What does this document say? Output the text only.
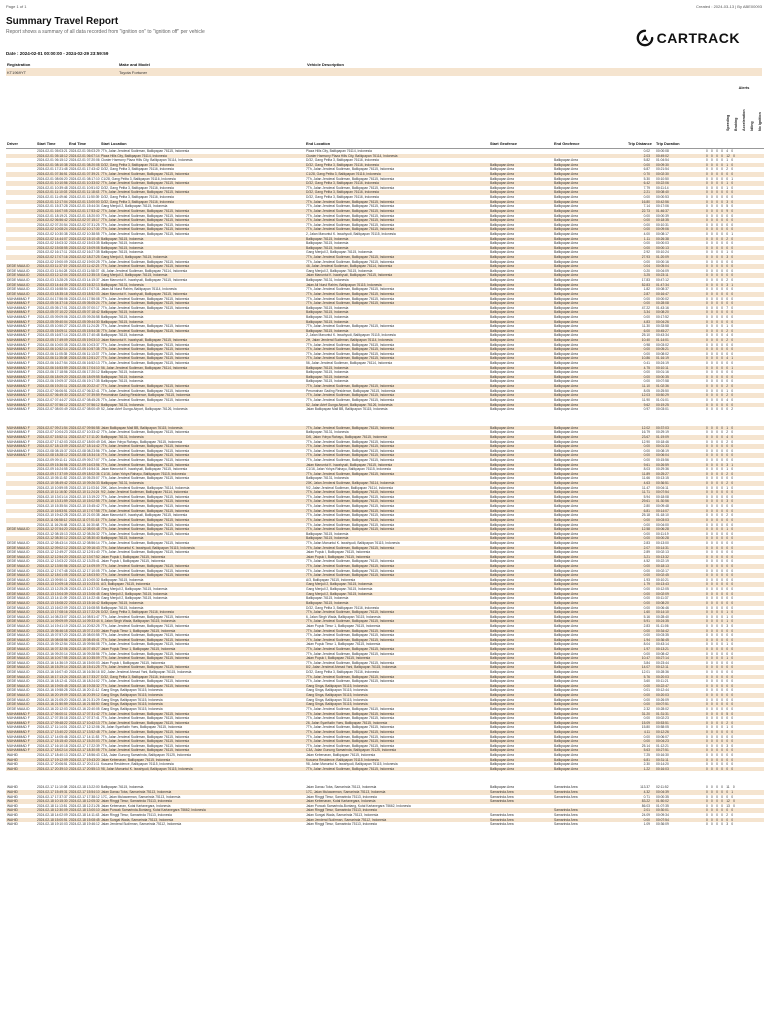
Page 1 of 1	Created : 2024-03-13 | By ABE00093
Summary Travel Report
Report shows a summary of all data recorded from "ignition on" to "ignition off" per vehicle	CARTRACK
Date : 2024-02-01 00:00:00 - 2024-02-29 23:59:59
Registration	Make and Model	Vehicle Description
KT1969YT	Toyota Fortuner
Alerts
Speeding Braking Acceleration Idling No Ignition
Driver	Start Time	End Time	Start Location	End Location	Start Geofence	End Geofence	Trip Distance Trip Duration
2024-02-01 05:03:21 2024-02-01 05:03:29 7Th, Jalan Jenderal Sudirman, Balikpapan 76115, Indonesia	Plaza Hills City, Balikpapan 76114, Indonesia	0.02 00:00:08	0 0 0 0 4 0
2024-02-01 05:18:12 2024-02-01 06:07:14 Plaza Hills City, Balikpapan 76114, Indonesia	Cluster Harmony Plaza Hills City, Balikpapan 76114, Indonesia	2.03 00:49:02	0 0 0 0 12 0
2024-02-01 06:15:12 2024-02-01 07:20:06 Cluster Harmony Plaza Hills City, Balikpapan 76114, Indonesia	D/32, Gang Pelita 3, Balikpapan 76116, Indonesia	Balikpapan Area	5.82 01:04:54	0 0 0 0 1 0
2024-02-01 08:10:38 2024-02-01 08:20:08 D/32, Gang Pelita 3, Balikpapan 76116, Indonesia	D/32, Gang Pelita 3, Balikpapan 76116, Indonesia	Balikpapan Area	Balikpapan Area	0.00 00:09:30	0 0 0 0 1 0
2024-02-01 17:21:48 2024-02-01 17:43:42 D/32, Gang Pelita 3, Balikpapan 76116, Indonesia	7Th, Jalan Jenderal Sudirman, Balikpapan 76115, Indonesia	Balikpapan Area	Balikpapan Area	6.87 00:21:54	0 0 0 0 2 0
2024-02-01 07:36:51 2024-02-01 07:39:21 7Th, Jalan Jenderal Sudirman, Balikpapan 76115, Indonesia	C1/28, Gang Pelita 3, Balikpapan 76116, Indonesia	Balikpapan Area	Balikpapan Area	0.70 00:02:30	0 0 0 0 0 0
2024-02-01 08:06:20 2024-02-01 08:17:10 C1/28, Gang Pelita 3, Balikpapan 76116, Indonesia	7Th, Jalan Jenderal Sudirman, Balikpapan 76115, Indonesia	Balikpapan Area	Balikpapan Area	5.30 00:10:50	0 0 0 0 0 1
2024-02-01 10:10:56 2024-02-01 10:33:02 7Th, Jalan Jenderal Sudirman, Balikpapan 76115, Indonesia	D/32, Gang Pelita 3, Balikpapan 76116, Indonesia	Balikpapan Area	Balikpapan Area	6.42 00:22:06	0 0 0 0 1 0
2024-02-01 10:39:48 2024-02-01 10:51:02 D/32, Gang Pelita 3, Balikpapan 76116, Indonesia	7Th, Jalan Jenderal Sudirman, Balikpapan 76115, Indonesia	Balikpapan Area	Balikpapan Area	7.79 00:11:14	0 0 0 0 1 0
2024-02-01 11:10:03 2024-02-01 11:18:43 7Th, Jalan Jenderal Sudirman, Balikpapan 76115, Indonesia	D/32, Gang Pelita 3, Balikpapan 76116, Indonesia	Balikpapan Area	Balikpapan Area	2.21 00:08:40	0 0 0 0 0 0
2024-02-01 11:49:46 2024-02-01 11:50:39 D/32, Gang Pelita 3, Balikpapan 76116, Indonesia	D/32, Gang Pelita 3, Balikpapan 76116, Indonesia	Balikpapan Area	Balikpapan Area	0.00 00:00:53	0 0 0 0 0 0
2024-02-01 12:17:04 2024-02-01 13:00:00 D/32, Gang Pelita 3, Balikpapan 76116, Indonesia	7Th, Jalan Jenderal Sudirman, Balikpapan 76115, Indonesia	Balikpapan Area	Balikpapan Area	16.80 00:42:56	0 0 0 0 3 0
2024-02-01 15:37:28 2024-02-01 15:44:34 Gang Menjuli 2, Balikpapan 76115, Indonesia	7Th, Jalan Jenderal Sudirman, Balikpapan 76115, Indonesia	Balikpapan Area	Balikpapan Area	7.14 00:17:06	0 0 0 0 5 0
2024-02-01 16:07:05 2024-02-01 17:53:42 7Th, Jalan Jenderal Sudirman, Balikpapan 76115, Indonesia	7Th, Jalan Jenderal Sudirman, Balikpapan 76115, Indonesia	Balikpapan Area	Balikpapan Area	22.73 01:46:37	0 0 0 0 9 0
2024-02-01 18:19:21 2024-02-01 18:20:00 7Th, Jalan Jenderal Sudirman, Balikpapan 76115, Indonesia	7Th, Jalan Jenderal Sudirman, Balikpapan 76115, Indonesia	Balikpapan Area	Balikpapan Area	0.00 00:00:39	0 0 0 0 0 0
2024-02-02 06:56:42 2024-02-02 07:15:17 7Th, Jalan Jenderal Sudirman, Balikpapan 76115, Indonesia	7Th, Jalan Jenderal Sudirman, Balikpapan 76115, Indonesia	Balikpapan Area	Balikpapan Area	0.00 00:18:35	0 0 0 0 0 0
2024-02-02 07:20:54 2024-02-02 07:31:25 7Th, Jalan Jenderal Sudirman, Balikpapan 76115, Indonesia	7Th, Jalan Jenderal Sudirman, Balikpapan 76115, Indonesia	Balikpapan Area	Balikpapan Area	0.00 00:10:31	0 0 0 0 0 0
2024-02-02 10:08:24 2024-02-02 10:17:30 7Th, Jalan Jenderal Sudirman, Balikpapan 76115, Indonesia	7Th, Jalan Jenderal Sudirman, Balikpapan 76115, Indonesia	Balikpapan Area	Balikpapan Area	0.00 00:09:06	0 0 0 0 0 0
2024-02-02 10:30:38 2024-02-02 10:38:55 7Th, Jalan Jenderal Sudirman, Balikpapan 76115, Indonesia	2, Jalan Manuntul K. Iswahyudi, Balikpapan 76115, Indonesia	Balikpapan Area	Balikpapan Area	4.00 00:08:17	0 0 0 0 0 1
2024-02-02 14:44:07 2024-02-02 15:10:45 Balikpapan 76115, Indonesia	Balikpapan 76115, Indonesia	Balikpapan Area	Balikpapan Area	1.11 00:26:38	0 0 0 0 2 0
2024-02-02 15:03:32 2024-02-02 15:03:35 Balikpapan 76115, Indonesia	Balikpapan 76115, Indonesia	Balikpapan Area	Balikpapan Area	0.00 00:00:03	0 0 0 0 0 0
2024-02-02 15:08:55 2024-02-02 15:09:08 Balikpapan 76115, Indonesia	Balikpapan 76115, Indonesia	Balikpapan Area	Balikpapan Area	0.00 00:00:13	0 0 0 0 0 0
2024-02-02 16:17:11 2024-02-02 16:27:35 Balikpapan 76115, Indonesia	Gang Menjuli 2, Balikpapan 76115, Indonesia	Balikpapan Area	Balikpapan Area	2.92 00:10:24	0 0 0 0 1 0
2024-02-02 17:07:16 2024-02-02 18:27:25 Gang Menjuli 2, Balikpapan 76115, Indonesia	7Th, Jalan Jenderal Sudirman, Balikpapan 76115, Indonesia	Balikpapan Area	Balikpapan Area	27.93 01:20:09	0 0 0 0 3 0
2024-02-02 19:00:09 2024-02-02 19:00:25 7Th, Jalan Jenderal Sudirman, Balikpapan 76115, Indonesia	7Th, Jalan Jenderal Sudirman, Balikpapan 76115, Indonesia	Balikpapan Area	Balikpapan Area	0.00 00:00:16	0 0 0 0 0 0
DEDE MAULID	2024-02-03 11:37:19 2024-02-03 11:42:23 7Th, Jalan Jenderal Sudirman, Balikpapan 76115, Indonesia	46, Jalan Jenderal Sudirman, Balikpapan 76114, Indonesia	Balikpapan Area	Balikpapan Area	0.04 00:05:04	0 0 0 0 0 0
DEDE MAULID	2024-02-03 11:54:28 2024-02-03 11:58:37 46, Jalan Jenderal Sudirman, Balikpapan 76114, Indonesia	Gang Menjuli 2, Balikpapan 76115, Indonesia	Balikpapan Area	Balikpapan Area	0.20 00:04:09	0 0 0 0 0 0
DEDE MAULID	2024-02-03 12:12:04 2024-02-03 12:35:15 Gang Menjuli 2, Balikpapan 76115, Indonesia	Jalan Manuntul K. Iswahyudi, Balikpapan 76115, Indonesia	Balikpapan Area	Balikpapan Area	3.25 00:23:11	0 0 0 0 0 0
DEDE MAULID	2024-02-03 13:28:25 2024-02-03 14:15:37 Jalan Manuntul K. Iswahyudi, Balikpapan 76115, Indonesia	Balikpapan 76131, Indonesia	Balikpapan Area	Balikpapan Area	17.83 00:47:12	0 0 0 0 2 0
DEDE MAULID	2024-02-03 14:44:39 2024-02-03 16:32:13 Balikpapan 76131, Indonesia	Jalan Ali Nurul Rahim, Balikpapan 76115, Indonesia	Balikpapan Area	Balikpapan Area	52.83 01:47:34	0 0 0 0 3 1
DEDE MAULID	2024-02-03 16:58:54 2024-02-03 17:07:31 Jalan Ali Nurul Rahim, Balikpapan 76114, Indonesia	7Th, Jalan Jenderal Sudirman, Balikpapan 76115, Indonesia	Balikpapan Area	Balikpapan Area	1.82 00:08:37	0 0 0 0 0 0
DEDE MAULID	2024-02-03 18:35:18 2024-02-03 18:52:03 Jalan Manuntul K. Iswahyudi, Balikpapan 76115, Indonesia	7Th, Jalan Jenderal Sudirman, Balikpapan 76115, Indonesia	Balikpapan Area	Balikpapan Area	2.87 00:16:47	0 0 0 0 0 0
MUHAMMAD F	2024-02-04 17:56:06 2024-02-04 17:56:08 7Th, Jalan Jenderal Sudirman, Balikpapan 76115, Indonesia	7Th, Jalan Jenderal Sudirman, Balikpapan 76115, Indonesia	Balikpapan Area	Balikpapan Area	0.00 00:00:02	0 0 0 0 0 0
MUHAMMAD F	2024-02-05 04:37:16 2024-02-05 05:05:24 7Th, Jalan Jenderal Sudirman, Balikpapan 76115, Indonesia	7Th, Jalan Jenderal Sudirman, Balikpapan 76115, Indonesia	Balikpapan Area	Balikpapan Area	0.00 00:28:08	0 0 0 0 0 0
MUHAMMAD F	2024-02-05 05:17:01 2024-02-05 07:00:17 7Th, Jalan Jenderal Sudirman, Balikpapan 76115, Indonesia	Balikpapan 76115, Indonesia	Balikpapan Area	Balikpapan Area	47.22 01:43:16	0 0 0 0 7 0
MUHAMMAD F	2024-02-05 07:10:22 2024-02-05 07:18:42 Balikpapan 76115, Indonesia	Balikpapan 76115, Indonesia	Balikpapan Area	Balikpapan Area	3.34 00:08:20	0 0 0 0 0 0
MUHAMMAD F	2024-02-05 09:09:06 2024-02-05 09:26:58 Balikpapan 76115, Indonesia	Balikpapan 76115, Indonesia	Balikpapan Area	Balikpapan Area	0.00 00:17:52	0 0 0 0 0 0
MUHAMMAD F	2024-02-05 09:40:04 2024-02-05 09:44:30 Balikpapan 76115, Indonesia	Balikpapan 76115, Indonesia	Balikpapan Area	Balikpapan Area	4.83 00:04:26	0 0 0 0 0 0
MUHAMMAD F	2024-02-05 10:50:27 2024-02-05 11:24:25 7Th, Jalan Jenderal Sudirman, Balikpapan 76115, Indonesia	7Th, Jalan Jenderal Sudirman, Balikpapan 76115, Indonesia	Balikpapan Area	Balikpapan Area	11.30 00:33:58	0 0 0 0 1 0
MUHAMMAD F	2024-02-05 15:09:11 2024-02-05 15:54:38 7Th, Jalan Jenderal Sudirman, Balikpapan 76115, Indonesia	Balikpapan 76115, Indonesia	Balikpapan Area	Balikpapan Area	6.00 00:45:27	0 0 0 0 2 0
MUHAMMAD F	2024-02-05 16:57:14 2024-02-05 17:40:48 Balikpapan 76115, Indonesia	2, Jalan Manuntul K. Iswahyudi, Balikpapan 76115, Indonesia	Balikpapan Area	Balikpapan Area	25.10 00:43:34	0 0 0 0 4 0
MUHAMMAD F	2024-02-05 17:49:09 2024-02-05 19:03:10 Jalan Manuntul K. Iswahyudi, Balikpapan 76115, Indonesia	2H, Jalan Jenderal Sudirman, Balikpapan 76114, Indonesia	Balikpapan Area	Balikpapan Area	10.40 01:14:01	0 0 0 0 2 0
MUHAMMAD F	2024-02-06 10:00:35 2024-02-06 10:03:37 7Th, Jalan Jenderal Sudirman, Balikpapan 76115, Indonesia	7Th, Jalan Jenderal Sudirman, Balikpapan 76115, Indonesia	Balikpapan Area	Balikpapan Area	0.98 00:03:02	0 0 0 0 0 0
MUHAMMAD F	2024-02-06 10:52:14 2024-02-06 10:57:35 7Th, Jalan Jenderal Sudirman, Balikpapan 76115, Indonesia	7Th, Jalan Jenderal Sudirman, Balikpapan 76115, Indonesia	Balikpapan Area	Balikpapan Area	0.00 00:05:21	0 0 0 0 0 0
MUHAMMAD F	2024-02-06 11:05:35 2024-02-06 11:13:37 7Th, Jalan Jenderal Sudirman, Balikpapan 76115, Indonesia	7Th, Jalan Jenderal Sudirman, Balikpapan 76115, Indonesia	Balikpapan Area	Balikpapan Area	0.00 00:08:02	0 0 0 0 0 0
MUHAMMAD F	2024-02-06 11:35:08 2024-02-06 12:51:27 7Th, Jalan Jenderal Sudirman, Balikpapan 76115, Indonesia	7Th, Jalan Jenderal Sudirman, Balikpapan 76115, Indonesia	Balikpapan Area	Balikpapan Area	10.86 01:16:19	0 0 0 0 4 1
MUHAMMAD F	2024-02-06 16:27:54 2024-02-06 16:52:13 7Th, Jalan Jenderal Sudirman, Balikpapan 76115, Indonesia	56, Jalan Jenderal Sudirman, Balikpapan 76114, Indonesia	Balikpapan Area	Balikpapan Area	0.41 00:24:19	0 0 0 0 0 0
MUHAMMAD F	2024-02-06 16:53:59 2024-02-06 17:04:10 56, Jalan Jenderal Sudirman, Balikpapan 76114, Indonesia	Balikpapan 76115, Indonesia	Balikpapan Area	Balikpapan Area	4.75 00:10:11	0 0 0 0 0 1
MUHAMMAD F	2024-02-06 17:18:56 2024-02-06 17:20:12 Balikpapan 76115, Indonesia	Balikpapan 76115, Indonesia	Balikpapan Area	Balikpapan Area	0.00 00:01:16	0 0 0 0 0 0
MUHAMMAD F	2024-02-06 18:09:20 2024-02-06 18:09:55 Balikpapan 76115, Indonesia	Balikpapan 76115, Indonesia	Balikpapan Area	Balikpapan Area	0.00 00:00:35	0 0 0 0 0 0
MUHAMMAD F	2024-02-06 19:09:37 2024-02-06 19:17:35 Balikpapan 76115, Indonesia	Balikpapan 76115, Indonesia	Balikpapan Area	Balikpapan Area	0.00 00:07:58	0 0 0 0 0 0
MUHAMMAD F	2024-02-06 19:20:11 2024-02-06 20:22:47 7Th, Jalan Jenderal Sudirman, Balikpapan 76115, Indonesia	7Th, Jalan Jenderal Sudirman, Balikpapan 76115, Indonesia	Balikpapan Area	Balikpapan Area	11.10 01:02:36	0 0 0 0 2 0
MUHAMMAD F	2024-02-07 06:06:51 2024-02-07 06:32:41 7Th, Jalan Jenderal Sudirman, Balikpapan 76115, Indonesia	Perumahan Gading Residence, Balikpapan 76115, Indonesia	Balikpapan Area	Balikpapan Area	8.05 00:25:50	0 0 0 0 1 0
MUHAMMAD F	2024-02-07 06:49:30 2024-02-07 07:39:59 Perumahan Gading Residence, Balikpapan 76115, Indonesia	7Th, Jalan Jenderal Sudirman, Balikpapan 76115, Indonesia	Balikpapan Area	Balikpapan Area	12.03 00:50:29	0 0 0 0 2 0
MUHAMMAD F	2024-02-07 07:44:27 2024-02-07 08:45:28 7Th, Jalan Jenderal Sudirman, Balikpapan 76115, Indonesia	7Th, Jalan Jenderal Sudirman, Balikpapan 76115, Indonesia	Balikpapan Area	Balikpapan Area	11.90 01:01:01	0 0 0 0 4 0
MUHAMMAD F	2024-02-07 07:56:12 2024-02-07 07:56:12 Balikpapan 76131, Indonesia	52, Jalan Arief Gunga Airport, Balikpapan 76126, Indonesia	Balikpapan Area	Balikpapan Area	9.62 00:19:25	0 0 0 0 0 0
MUHAMMAD F	2024-02-07 08:00:49 2024-02-07 08:00:49 52, Jalan Arief Gunga Airport, Balikpapan 76126, Indonesia	Jalan Balikpapan Mall BB, Balikpapan 76115, Indonesia	Balikpapan Area	Balikpapan Area	0.97 00:03:01	0 0 0 0 0 2
MUHAMMAD F	2024-02-07 09:21:54 2024-02-07 09:56:58 Jalan Balikpapan Mall BB, Balikpapan 76115, Indonesia	7Th, Jalan Jenderal Sudirman, Balikpapan 76115, Indonesia	Balikpapan Area	Balikpapan Area	12.02 00:37:03	0 0 0 0 1 0
MUHAMMAD F	2024-02-07 10:04:23 2024-02-07 10:33:42 7Th, Jalan Jenderal Sudirman, Balikpapan 76115, Indonesia	Balikpapan 76131, Indonesia	Balikpapan Area	Balikpapan Area	16.79 00:29:19	0 0 0 0 2 0
MUHAMMAD F	2024-02-07 15:52:11 2024-02-07 17:11:20 Balikpapan 76131, Indonesia	D/6, Jalan Yohya Rahayu, Balikpapan 76115, Indonesia	Balikpapan Area	Balikpapan Area	23.67 01:19:09	0 0 0 0 4 0
MUHAMMAD F	2024-02-07 17:42:03 2024-02-07 18:00:49 D/6, Jalan Yohya Rahayu, Balikpapan 76115, Indonesia	7Th, Jalan Jenderal Sudirman, Balikpapan 76115, Indonesia	Balikpapan Area	Balikpapan Area	12.90 00:18:46	0 0 0 0 2 0
MUHAMMAD F	2024-02-07 18:13:09 2024-02-07 18:14:42 7Th, Jalan Jenderal Sudirman, Balikpapan 76115, Indonesia	7Th, Jalan Jenderal Sudirman, Balikpapan 76115, Indonesia	Balikpapan Area	Balikpapan Area	0.00 00:01:33	0 0 0 0 0 0
MUHAMMAD F	2024-02-08 08:15:37 2024-02-08 08:23:56 7Th, Jalan Jenderal Sudirman, Balikpapan 76115, Indonesia	7Th, Jalan Jenderal Sudirman, Balikpapan 76115, Indonesia	Balikpapan Area	Balikpapan Area	0.00 00:08:19	0 0 0 0 0 0
MUHAMMAD F	2024-02-08 18:28:12 2024-02-08 18:34:16 7Th, Jalan Jenderal Sudirman, Balikpapan 76115, Indonesia	7Th, Jalan Jenderal Sudirman, Balikpapan 76115, Indonesia	Balikpapan Area	Balikpapan Area	0.00 00:06:04	0 0 0 0 0 0
2024-02-09 09:11:11 2024-02-09 09:27:07 7Th, Jalan Jenderal Sudirman, Balikpapan 76115, Indonesia	7Th, Jalan Jenderal Sudirman, Balikpapan 76115, Indonesia	Balikpapan Area	Balikpapan Area	0.00 00:15:56	0 0 0 0 0 0
2024-02-09 15:36:56 2024-02-09 16:03:56 7Th, Jalan Jenderal Sudirman, Balikpapan 76115, Indonesia	Jalan Manuntul K. Iswahyudi, Balikpapan 76115, Indonesia	Balikpapan Area	Balikpapan Area	9.61 00:26:59	0 0 0 0 3 1
2024-02-09 16:24:55 2024-02-09 16:54:31 Jalan Manuntul K. Iswahyudi, Balikpapan 76115, Indonesia	C1/16, Jalan Yohya Rahayu, Balikpapan 76115, Indonesia	Balikpapan Area	Balikpapan Area	8.03 00:29:36	0 0 0 0 1 0
2024-02-09 17:37:09 2024-02-09 18:02:36 C1/16, Jalan Yohya Rahayu, Balikpapan 76115, Indonesia	7Th, Jalan Jenderal Sudirman, Balikpapan 76115, Indonesia	Balikpapan Area	Balikpapan Area	11.89 00:25:27	0 0 0 0 2 0
2024-02-10 05:11:52 2024-02-10 05:25:07 7Th, Jalan Jenderal Sudirman, Balikpapan 76115, Indonesia	Balikpapan 76131, Indonesia	Balikpapan Area	Balikpapan Area	11.66 00:13:15	0 0 0 0 0 0
2024-02-10 08:49:42 2024-02-10 09:26:33 Balikpapan 76131, Indonesia	20K, Jalan Jenderal Sudirman, Balikpapan 76114, Indonesia	Balikpapan Area	Balikpapan Area	4.63 00:36:51	0 0 0 0 2 0
2024-02-10 10:59:05 2024-02-10 11:03:16 20K, Jalan Jenderal Sudirman, Balikpapan 76114, Indonesia	9/2, Jalan Jenderal Sudirman, Balikpapan 76114, Indonesia	Balikpapan Area	Balikpapan Area	11.47 00:04:11	0 0 0 0 1 0
2024-02-10 11:16:30 2024-02-10 11:24:24 9/2, Jalan Jenderal Sudirman, Balikpapan 76114, Indonesia	7Th, Jalan Jenderal Sudirman, Balikpapan 76115, Indonesia	Balikpapan Area	Balikpapan Area	11.71 00:07:54	0 0 0 0 0 0
2024-02-10 13:01:14 2024-02-10 13:19:22 7Th, Jalan Jenderal Sudirman, Balikpapan 76115, Indonesia	7Th, Jalan Jenderal Sudirman, Balikpapan 76115, Indonesia	Balikpapan Area	Balikpapan Area	5.94 00:18:08	0 0 0 0 0 0
2024-02-10 13:31:59 2024-02-10 15:02:55 7Th, Jalan Jenderal Sudirman, Balikpapan 76115, Indonesia	7Th, Jalan Jenderal Sudirman, Balikpapan 76115, Indonesia	Balikpapan Area	Balikpapan Area	29.61 01:30:56	0 0 0 0 3 0
2024-02-10 15:35:54 2024-02-10 15:45:42 7Th, Jalan Jenderal Sudirman, Balikpapan 76115, Indonesia	7Th, Jalan Jenderal Sudirman, Balikpapan 76115, Indonesia	Balikpapan Area	Balikpapan Area	2.80 00:09:48	0 0 0 0 0 0
2024-02-10 16:53:51 2024-02-10 17:07:58 7Th, Jalan Jenderal Sudirman, Balikpapan 76115, Indonesia	7Th, Jalan Jenderal Sudirman, Balikpapan 76115, Indonesia	Balikpapan Area	Balikpapan Area	6.81 00:14:07	0 0 0 0 0 0
2024-02-10 19:42:28 2024-02-10 21:00:38 Jalan Manuntul K. Iswahyudi, Balikpapan 76115, Indonesia	7Th, Jalan Jenderal Sudirman, Balikpapan 76115, Indonesia	Balikpapan Area	Balikpapan Area	25.18 01:18:10	0 0 0 0 2 0
2024-02-11 06:58:12 2024-02-11 07:01:15 7Th, Jalan Jenderal Sudirman, Balikpapan 76115, Indonesia	7Th, Jalan Jenderal Sudirman, Balikpapan 76115, Indonesia	Balikpapan Area	Balikpapan Area	0.00 00:03:03	0 0 0 0 0 0
2024-02-11 16:26:48 2024-02-11 16:30:48 7Th, Jalan Jenderal Sudirman, Balikpapan 76115, Indonesia	7Th, Jalan Jenderal Sudirman, Balikpapan 76115, Indonesia	Balikpapan Area	Balikpapan Area	0.00 00:04:00	0 0 0 0 0 0
DEDE MAULID	2024-02-12 07:54:20 2024-02-12 08:00:48 7Th, Jalan Jenderal Sudirman, Balikpapan 76115, Indonesia	7Th, Jalan Jenderal Sudirman, Balikpapan 76115, Indonesia	Balikpapan Area	Balikpapan Area	12.58 00:06:28	0 0 0 0 1 0
2024-02-12 08:15:13 2024-02-12 08:26:32 7Th, Jalan Jenderal Sudirman, Balikpapan 76115, Indonesia	Balikpapan 76115, Indonesia	Balikpapan Area	Balikpapan Area	0.00 00:11:19	0 0 0 0 0 0
2024-02-12 08:30:12 2024-02-12 08:30:40 Balikpapan 76115, Indonesia	Balikpapan 76115, Indonesia	Balikpapan Area	Balikpapan Area	0.00 00:00:28	0 0 0 0 0 0
DEDE MAULID	2024-02-12 08:43:14 2024-02-12 08:56:14 7Th, Jalan Jenderal Sudirman, Balikpapan 76115, Indonesia	7Th, Jalan Manuntul K. Iswahyudi, Balikpapan 76115, Indonesia	Balikpapan Area	Balikpapan Area	2.83 00:13:00	0 0 0 0 0 0
DEDE MAULID	2024-02-12 09:02:12 2024-02-12 09:16:43 7Th, Jalan Manuntul K. Iswahyudi, Balikpapan 76115, Indonesia	7Th, Jalan Jenderal Sudirman, Balikpapan 76115, Indonesia	Balikpapan Area	Balikpapan Area	2.07 00:14:31	0 0 0 0 0 0
DEDE MAULID	2024-02-12 12:49:27 2024-02-12 12:51:40 7Th, Jalan Jenderal Sudirman, Balikpapan 76115, Indonesia	Jalan Pupuk I, Balikpapan 76115, Indonesia	Balikpapan Area	Balikpapan Area	2.89 00:02:13	0 0 0 0 0 0
DEDE MAULID	2024-02-12 12:54:20 2024-02-12 13:07:52 Jalan Pupuk I, Balikpapan 76115, Indonesia	Jalan Pupuk I, Balikpapan 76115, Indonesia	Balikpapan Area	Balikpapan Area	3.21 00:13:32	0 0 0 0 0 0
DEDE MAULID	2024-02-12 13:03:22 2024-02-12 13:25:41 Jalan Pupuk I, Balikpapan 76115, Indonesia	7Th, Jalan Jenderal Sudirman, Balikpapan 76115, Indonesia	Balikpapan Area	Balikpapan Area	4.52 00:22:19	0 0 0 0 0 0
DEDE MAULID	2024-02-12 13:50:56 2024-02-12 14:09:09 7Th, Jalan Jenderal Sudirman, Balikpapan 76115, Indonesia	7Th, Jalan Jenderal Sudirman, Balikpapan 76115, Indonesia	Balikpapan Area	Balikpapan Area	0.00 00:18:13	0 0 0 0 0 0
DEDE MAULID	2024-02-12 17:07:48 2024-02-12 17:10:05 7Th, Jalan Jenderal Sudirman, Balikpapan 76115, Indonesia	7Th, Jalan Jenderal Sudirman, Balikpapan 76115, Indonesia	Balikpapan Area	Balikpapan Area	0.00 00:02:17	0 0 0 0 0 0
DEDE MAULID	2024-02-12 18:01:05 2024-02-12 18:03:50 7Th, Jalan Jenderal Sudirman, Balikpapan 76115, Indonesia	7Th, Jalan Jenderal Sudirman, Balikpapan 76115, Indonesia	Balikpapan Area	Balikpapan Area	0.00 00:02:45	0 0 0 0 0 0
DEDE MAULID	2024-02-13 09:50:11 2024-02-13 10:00:32 Balikpapan 76115, Indonesia	A/3, Balikpapan 76115, Indonesia	Balikpapan Area	Balikpapan Area	1.93 00:10:21	0 0 0 0 0 0
DEDE MAULID	2024-02-13 10:09:18 2024-02-13 10:23:01 A/3, Balikpapan 76115, Indonesia	Gang Menjuli 2, Balikpapan 76115, Indonesia	Balikpapan Area	Balikpapan Area	1.79 00:13:43	0 0 0 0 0 0
DEDE MAULID	2024-02-13 12:25:28 2024-02-13 12:37:33 Gang Menjuli 2, Balikpapan 76115, Indonesia	Gang Menjuli 2, Balikpapan 76115, Indonesia	Balikpapan Area	Balikpapan Area	0.00 00:12:05	0 0 0 0 0 0
DEDE MAULID	2024-02-13 13:04:39 2024-02-13 13:06:48 Gang Menjuli 2, Balikpapan 76115, Indonesia	Gang Menjuli 2, Balikpapan 76115, Indonesia	Balikpapan Area	Balikpapan Area	0.00 00:02:09	0 0 0 0 0 0
DEDE MAULID	2024-02-13 14:11:09 2024-02-13 14:22:46 Gang Menjuli 2, Balikpapan 76115, Indonesia	Balikpapan 76115, Indonesia	Balikpapan Area	Balikpapan Area	0.00 00:11:37	0 0 0 0 0 0
DEDE MAULID	2024-02-13 15:08:22 2024-02-13 15:16:42 Balikpapan 76115, Indonesia	Balikpapan 76115, Indonesia	Balikpapan Area	Balikpapan Area	0.00 00:08:20	0 0 0 0 0 0
DEDE MAULID	2024-02-13 16:02:09 2024-02-13 16:08:55 Balikpapan 76115, Indonesia	D/32, Gang Pelita 3, Balikpapan 76116, Indonesia	Balikpapan Area	Balikpapan Area	0.00 00:06:46	0 0 0 0 0 0
DEDE MAULID	2024-02-13 17:08:16 2024-02-13 17:22:26 D/32, Gang Pelita 3, Balikpapan 76116, Indonesia	7Th, Jalan Jenderal Sudirman, Balikpapan 76115, Indonesia	Balikpapan Area	Balikpapan Area	1.60 00:14:10	0 0 0 0 1 0
DEDE MAULID	2024-02-14 08:23:07 2024-02-14 08:51:47 7Th, Jalan Jenderal Sudirman, Balikpapan 76115, Indonesia	6, Jalan Singh Wada, Balikpapan 76115, Indonesia	Balikpapan Area	Balikpapan Area	5.16 00:28:40	0 0 0 0 1 0
DEDE MAULID	2024-02-14 09:09:09 2024-02-14 09:33:44 6, Jalan Singh Wada, Balikpapan 76115, Indonesia	7Th, Jalan Jenderal Sudirman, Balikpapan 76115, Indonesia	Balikpapan Area	Balikpapan Area	5.91 00:24:35	0 0 0 0 1 0
DEDE MAULID	2024-02-14 19:41:19 2024-02-14 20:52:25 7Th, Jalan Jenderal Sudirman, Balikpapan 76115, Indonesia	Jalan Pupuk Timur 1, Balikpapan 76115, Indonesia	Balikpapan Area	Balikpapan Area	2.83 01:11:06	0 0 0 0 3 0
DEDE MAULID	2024-02-15 06:46:18 2024-02-15 07:21:00 Jalan Pupuk Timur 1, Balikpapan 76115, Indonesia	7Th, Jalan Jenderal Sudirman, Balikpapan 76115, Indonesia	Balikpapan Area	Balikpapan Area	0.00 00:34:42	0 0 0 0 0 0
DEDE MAULID	2024-02-15 07:57:20 2024-02-15 08:00:55 7Th, Jalan Jenderal Sudirman, Balikpapan 76115, Indonesia	7Th, Jalan Jenderal Sudirman, Balikpapan 76115, Indonesia	Balikpapan Area	Balikpapan Area	0.00 00:03:35	0 0 0 0 0 0
DEDE MAULID	2024-02-15 08:08:56 2024-02-15 08:45:41 7Th, Jalan Jenderal Sudirman, Balikpapan 76115, Indonesia	7Th, Jalan Jenderal Sudirman, Balikpapan 76115, Indonesia	Balikpapan Area	Balikpapan Area	1.94 00:36:45	0 0 0 0 0 0
DEDE MAULID	2024-02-15 09:12:54 2024-02-15 09:56:08 7Th, Jalan Jenderal Sudirman, Balikpapan 76115, Indonesia	Jalan Pupuk Timur 1, Balikpapan 76115, Indonesia	Balikpapan Area	Balikpapan Area	8.04 00:43:14	0 0 0 0 1 0
DEDE MAULID	2024-02-16 07:32:06 2024-02-16 07:45:27 Jalan Pupuk Timur 1, Balikpapan 76115, Indonesia	7Th, Jalan Jenderal Sudirman, Balikpapan 76115, Indonesia	Balikpapan Area	Balikpapan Area	1.97 00:13:21	0 0 0 0 0 0
DEDE MAULID	2024-02-16 09:20:14 2024-02-16 09:28:56 7Th, Jalan Jenderal Sudirman, Balikpapan 76115, Indonesia	7Th, Jalan Jenderal Sudirman, Balikpapan 76115, Indonesia	Balikpapan Area	Balikpapan Area	0.00 00:08:42	0 0 0 0 0 0
DEDE MAULID	2024-02-16 10:07:55 2024-02-16 10:35:09 7Th, Jalan Jenderal Sudirman, Balikpapan 76115, Indonesia	Jalan Pupuk I, Balikpapan 76115, Indonesia	Balikpapan Area	Balikpapan Area	10.47 00:27:14	0 0 0 0 1 0
DEDE MAULID	2024-02-16 14:36:19 2024-02-16 15:00:03 Jalan Pupuk I, Balikpapan 76115, Indonesia	7Th, Jalan Jenderal Sudirman, Balikpapan 76115, Indonesia	Balikpapan Area	Balikpapan Area	3.84 00:23:44	0 0 0 0 0 0
DEDE MAULID	2024-02-16 15:29:14 2024-02-16 15:41:25 7Th, Jalan Jenderal Sudirman, Balikpapan 76115, Indonesia	8/2, Jalan Jenderal Ahmad Yani, Balikpapan 76115, Indonesia	Balikpapan Area	Balikpapan Area	14.07 00:12:11	0 0 0 0 0 0
DEDE MAULID	2024-02-16 16:07:40 2024-02-16 16:36:16 8/2, Jalan Jenderal Ahmad Yani, Balikpapan 76115, Indonesia	D/32, Gang Pelita 3, Balikpapan 76116, Indonesia	Balikpapan Area	Balikpapan Area	12.01 00:28:36	0 0 0 0 0 0
DEDE MAULID	2024-02-16 17:13:24 2024-02-16 17:33:27 D/32, Gang Pelita 3, Balikpapan 76116, Indonesia	7Th, Jalan Jenderal Sudirman, Balikpapan 76115, Indonesia	Balikpapan Area	Balikpapan Area	5.76 00:20:03	0 0 0 0 0 0
DEDE MAULID	2024-02-16 18:12:41 2024-02-16 18:24:02 7Th, Jalan Jenderal Sudirman, Balikpapan 76115, Indonesia	7Th, Jalan Jenderal Sudirman, Balikpapan 76115, Indonesia	Balikpapan Area	Balikpapan Area	3.60 00:11:21	0 0 0 0 0 0
DEDE MAULID	2024-02-16 19:05:45 2024-02-16 19:28:32 7Th, Jalan Jenderal Sudirman, Balikpapan 76115, Indonesia	Gang Singa, Balikpapan 76115, Indonesia	Balikpapan Area	Balikpapan Area	0.00 00:22:47	0 0 0 0 0 0
DEDE MAULID	2024-02-16 19:58:28 2024-02-16 20:11:12 Gang Singa, Balikpapan 76115, Indonesia	Gang Singa, Balikpapan 76115, Indonesia	Balikpapan Area	Balikpapan Area	0.01 00:12:44	0 0 0 0 0 0
DEDE MAULID	2024-02-16 20:19:09 2024-02-16 20:39:12 Gang Singa, Balikpapan 76115, Indonesia	Gang Singa, Balikpapan 76115, Indonesia	Balikpapan Area	Balikpapan Area	0.00 00:20:03	0 0 0 0 0 0
DEDE MAULID	2024-02-16 21:05:20 2024-02-16 21:31:29 Gang Singa, Balikpapan 76115, Indonesia	Gang Singa, Balikpapan 76115, Indonesia	Balikpapan Area	Balikpapan Area	0.00 00:26:09	0 0 0 0 0 0
DEDE MAULID	2024-02-16 21:50:59 2024-02-16 21:58:50 Gang Singa, Balikpapan 76115, Indonesia	Gang Singa, Balikpapan 76115, Indonesia	Balikpapan Area	Balikpapan Area	0.00 00:07:51	0 0 0 0 0 0
DEDE MAULID	2024-02-16 22:12:03 2024-02-16 22:40:05 Gang Singa, Balikpapan 76115, Indonesia	7Th, Jalan Jenderal Sudirman, Balikpapan 76115, Indonesia	Balikpapan Area	Balikpapan Area	2.32 00:28:02	0 0 0 0 0 0
MUHAMMAD F	2024-02-17 06:00:11 2024-02-17 07:31:42 7Th, Jalan Jenderal Sudirman, Balikpapan 76115, Indonesia	7Th, Jalan Jenderal Sudirman, Balikpapan 76115, Indonesia	Balikpapan Area	Balikpapan Area	31.20 01:31:31	0 0 0 0 5 0
MUHAMMAD F	2024-02-17 07:35:18 2024-02-17 07:37:41 7Th, Jalan Jenderal Sudirman, Balikpapan 76115, Indonesia	7Th, Jalan Jenderal Sudirman, Balikpapan 76115, Indonesia	Balikpapan Area	Balikpapan Area	0.00 00:02:23	0 0 0 0 0 0
MUHAMMAD F	2024-02-17 09:48:22 2024-02-17 10:42:13 7Th, Jalan Jenderal Sudirman, Balikpapan 76115, Indonesia	26, Jalan Syarifudin Yoes, Balikpapan 76115, Indonesia	Balikpapan Area	Balikpapan Area	15.09 00:53:51	0 0 0 0 2 0
MUHAMMAD F	2024-02-17 11:14:01 2024-02-17 12:12:06 26, Jalan Syarifudin Yoes, Balikpapan 76115, Indonesia	7Th, Jalan Jenderal Sudirman, Balikpapan 76115, Indonesia	Balikpapan Area	Balikpapan Area	15.80 00:58:05	0 0 0 0 1 0
MUHAMMAD F	2024-02-17 13:40:22 2024-02-17 13:52:48 7Th, Jalan Jenderal Sudirman, Balikpapan 76115, Indonesia	7Th, Jalan Jenderal Sudirman, Balikpapan 76115, Indonesia	Balikpapan Area	Balikpapan Area	4.11 00:12:26	0 0 0 0 0 0
MUHAMMAD F	2024-02-17 14:05:46 2024-02-17 14:11:53 7Th, Jalan Jenderal Sudirman, Balikpapan 76115, Indonesia	7Th, Jalan Jenderal Sudirman, Balikpapan 76115, Indonesia	Balikpapan Area	Balikpapan Area	0.00 00:06:07	0 0 0 0 0 0
MUHAMMAD F	2024-02-17 15:15:40 2024-02-17 15:20:03 7Th, Jalan Jenderal Sudirman, Balikpapan 76115, Indonesia	7Th, Jalan Jenderal Sudirman, Balikpapan 76115, Indonesia	Balikpapan Area	Balikpapan Area	0.00 00:04:23	0 0 0 0 0 0
MUHAMMAD F	2024-02-17 16:10:18 2024-02-17 17:22:39 7Th, Jalan Jenderal Sudirman, Balikpapan 76115, Indonesia	7Th, Jalan Jenderal Sudirman, Balikpapan 76115, Indonesia	Balikpapan Area	Balikpapan Area	25.14 01:12:21	0 0 0 0 3 0
MUHAMMAD F	2024-02-17 18:02:14 2024-02-17 18:30:05 7Th, Jalan Jenderal Sudirman, Balikpapan 76115, Indonesia	C3A, Jalan Gunung Samarinda, Balikpapan 76125, Indonesia	Balikpapan Area	Balikpapan Area	5.63 00:27:51	0 0 0 0 0 0
WAHID	2024-02-17 18:40:13 2024-02-17 18:56:43 C3A, Jalan Gunung Samarinda, Balikpapan 76125, Indonesia	Jalan Kebenaran, Balikpapan 76115, Indonesia	Balikpapan Area	Balikpapan Area	7.25 00:16:30	0 0 0 0 0 0
WAHID	2024-02-17 19:12:09 2024-02-17 19:43:20 Jalan Kebenaran, Balikpapan 76115, Indonesia	Kusuma Residence, Balikpapan 76115, Indonesia	Balikpapan Area	Balikpapan Area	6.81 00:31:11	0 0 0 0 0 0
WAHID	2024-02-17 20:06:51 2024-02-17 20:21:11 Kusuma Residence, Balikpapan 76115, Indonesia	98, Jalan Manuntul K. Iswahyudi, Balikpapan 76115, Indonesia	Balikpapan Area	Balikpapan Area	2.30 00:14:20	0 0 0 0 0 0
WAHID	2024-02-17 20:39:10 2024-02-17 20:55:13 98, Jalan Manuntul K. Iswahyudi, Balikpapan 76115, Indonesia	7Th, Jalan Jenderal Sudirman, Balikpapan 76115, Indonesia	Balikpapan Area	Balikpapan Area	1.22 00:16:03	0 0 0 0 0 0
WAHID	2024-02-17 11:10:08 2024-02-18 13:22:00 Balikpapan 76115, Indonesia	Jalan Danau Toba, Samarinda 75113, Indonesia	Balikpapan Area	Samarinda Area	113.37 02:11:52	0 0 0 0 11 0
WAHID	2024-02-17 15:49:31 2024-02-17 15:54:10 Jalan Danau Toba, Samarinda 75113, Indonesia	17C, Jalan Mulawarman, Samarinda 75113, Indonesia	Samarinda Area	Samarinda Area	4.32 00:04:39	0 0 0 0 0 1
WAHID	2024-02-17 17:37:37 2024-02-17 17:38:12 17C, Jalan Mulawarman, Samarinda 75113, Indonesia	Jalan Ringgi Timur, Samarinda 75113, Indonesia	Samarinda Area	Samarinda Area	0.71 00:00:35	0 0 0 0 0 0
WAHID	2024-02-18 10:15:30 2024-02-18 12:05:32 Jalan Ringgi Timur, Samarinda 75113, Indonesia	Jalan Kebenaran, Kutai Kartanegara, Indonesia	Samarinda Area	83.22 01:50:02	0 0 0 0 12 0
WAHID	2024-02-18 11:13:51 2024-02-18 12:21:26 Jalan Kebenaran, Kutai Kartanegara, Indonesia	Jalan Puncak Samarinda-Bontang, Kutai Kartanegara 75662, Indonesia	86.03 01:07:35	0 0 0 0 13 0
WAHID	2024-02-18 12:30:09 2024-02-18 13:00:10 Jalan Puncak Samarinda-Bontang, Kutai Kartanegara 75662, Indonesia	Jalan Ringgi Timur, Samarinda 75113, Indonesia	Samarinda Area	2.01 00:30:01	0 0 0 0 0 0
WAHID	2024-02-18 14:02:09 2024-02-18 14:11:43 Jalan Ringgi Timur, Samarinda 75113, Indonesia	Jalan Sungai Wada, Samarinda 75113, Indonesia	Samarinda Area	Samarinda Area	24.09 00:09:34	0 0 0 0 2 0
WAHID	2024-02-18 15:00:51 2024-02-18 15:08:45 Jalan Sungai Wada, Samarinda 75113, Indonesia	Jalan Jenderal Sudirman, Samarinda 75112, Indonesia	Samarinda Area	Samarinda Area	0.00 00:07:54	0 0 0 0 0 0
WAHID	2024-02-18 19:10:03 2024-02-18 19:46:12 Jalan Jenderal Sudirman, Samarinda 75112, Indonesia	Jalan Ringgi Timur, Samarinda 75113, Indonesia	Samarinda Area	Samarinda Area	1.09 00:36:09	0 0 0 0 3 0
